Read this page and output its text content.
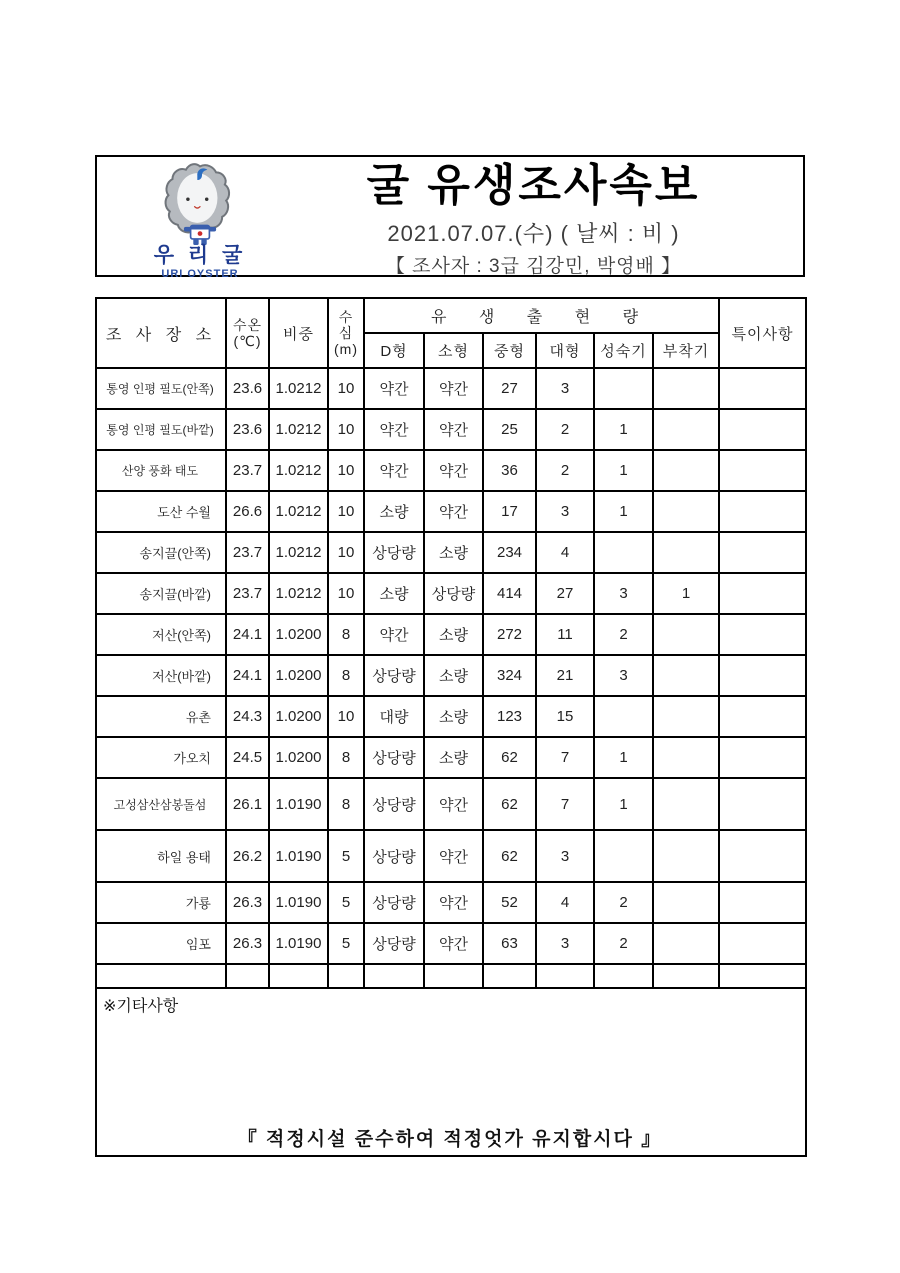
우 리 굴
URI OYSTER
굴 유생조사속보
2021.07.07.(수) ( 날씨 : 비 )
【 조사자 : 3급 김강민, 박영배 】
조 사 장 소	
수온
(℃)	비중	
수
심
(m)
	유 생 출 현 량	특이사항
				D형	소형	중형	대형	성숙기	부착기	
통영 인평 필도(안쪽)	23.6	1.0212	10	약간	약간	27	3			
통영 인평 필도(바깥)	23.6	1.0212	10	약간	약간	25	2	1		
산양 풍화 태도	23.7	1.0212	10	약간	약간	36	2	1		
도산 수월	26.6	1.0212	10	소량	약간	17	3	1		
송지끌(안쪽)	23.7	1.0212	10	상당량	소량	234	4			
송지끌(바깥)	23.7	1.0212	10	소량	상당량	414	27	3	1	
저산(안쪽)	24.1	1.0200	8	약간	소량	272	11	2		
저산(바깥)	24.1	1.0200	8	상당량	소량	324	21	3		
유촌	24.3	1.0200	10	대량	소량	123	15			
가오치	24.5	1.0200	8	상당량	소량	62	7	1		
고성삼산삼봉돌섬	26.1	1.0190	8	상당량	약간	62	7	1		
하일 용태	26.2	1.0190	5	상당량	약간	62	3			
가룡	26.3	1.0190	5	상당량	약간	52	4	2		
임포	26.3	1.0190	5	상당량	약간	63	3	2		

※기타사항										
『 적정시설 준수하여 적정엇가 유지합시다 』
